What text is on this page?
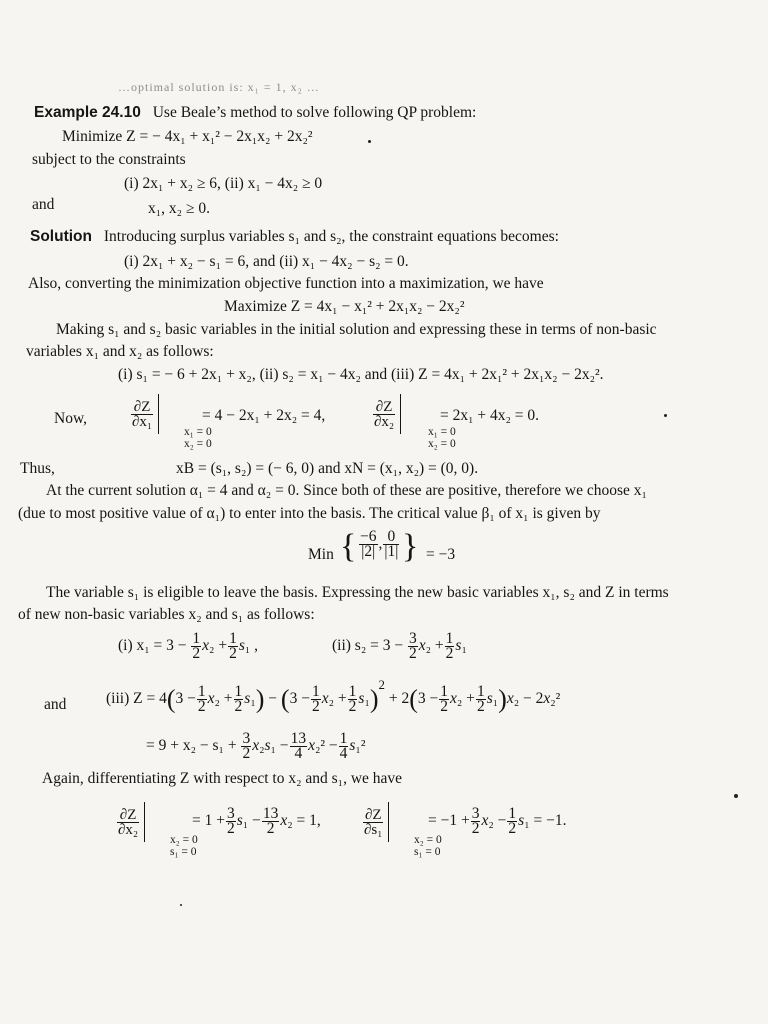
…optimal solution is: x₁ = 1, x₂ …
Example 24.10 Use Beale’s method to solve following QP problem:
Minimize Z = − 4x₁ + x₁² − 2x₁x₂ + 2x₂²
subject to the constraints
(i) 2x₁ + x₂ ≥ 6, (ii) x₁ − 4x₂ ≥ 0
and	x₁, x₂ ≥ 0.
Solution Introducing surplus variables s₁ and s₂, the constraint equations becomes:
(i) 2x₁ + x₂ − s₁ = 6, and (ii) x₁ − 4x₂ − s₂ = 0.
Also, converting the minimization objective function into a maximization, we have
Maximize Z = 4x₁ − x₁² + 2x₁x₂ − 2x₂²
Making s₁ and s₂ basic variables in the initial solution and expressing these in terms of non-basic
variables x₁ and x₂ as follows:
(i) s₁ = − 6 + 2x₁ + x₂, (ii) s₂ = x₁ − 4x₂ and (iii) Z = 4x₁ + 2x₁² + 2x₁x₂ − 2x₂².
Now,	$\frac{\partial Z}{\text{∂x₁}}$
x₁ = 0
x₂ = 0
= 4 − 2x₁ + 2x₂ = 4,	$\frac{\partial Z}{\text{∂x₂}}$
x₁ = 0
x₂ = 0
= 2x₁ + 4x₂ = 0.
Thus,	xB = (s₁, s₂) = (− 6, 0) and xN = (x₁, x₂) = (0, 0).
At the current solution α₁ = 4 and α₂ = 0. Since both of these are positive, therefore we choose x₁
(due to most positive value of α₁) to enter into the basis. The critical value β₁ of x₁ is given by
Min { $\frac{-6}{|2|}$ , $\frac{0}{|1|}$ } = −3
The variable s₁ is eligible to leave the basis. Expressing the new basic variables x₁, s₂ and Z in terms
of new non-basic variables x₂ and s₁ as follows:
(i) $x_1 = 3 - \frac{1}{2} x_2 + \frac{1}{2} s_1$ ,	(ii) $s_2 = 3 - \frac{3}{2} x_2 + \frac{1}{2} s_1$
and	(iii) $Z = 4(3 - \frac{1}{2} x_2 + \frac{1}{2} s_1) - (3 - \frac{1}{2} x_2 + \frac{1}{2} s_1)^2 + 2(3 - \frac{1}{2} x_2 + \frac{1}{2} s_1)x_2 - 2x_2^2$
= $9 + x_2 - s_1 + \frac{3}{2} x_2s_1 - \frac{13}{4} x_2^2 - \frac{1}{4} s_1^2$
Again, differentiating Z with respect to x₂ and s₁, we have
$\frac{\partial Z}{\text{∂x₂}}$
x₂ = 0
s₁ = 0
= $1 + \frac{3}{2} s_1 - \frac{13}{2} x_2 = 1$,	$\frac{\partial Z}{\text{∂s₁}}$
x₂ = 0
s₁ = 0
= $-1 + \frac{3}{2} x_2 - \frac{1}{2} s_1 = -1$.
